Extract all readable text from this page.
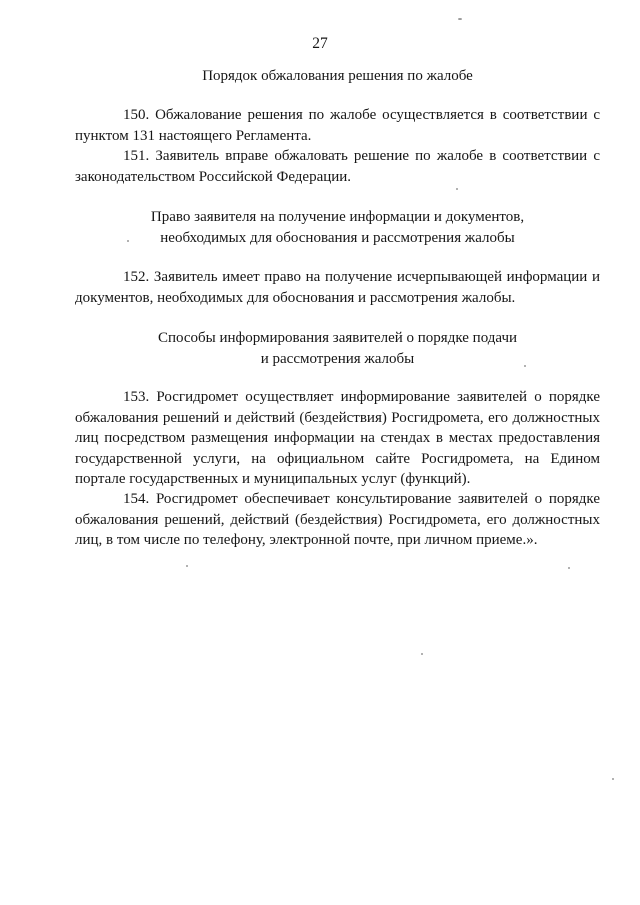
27
Порядок обжалования решения по жалобе
150. Обжалование решения по жалобе осуществляется в соответствии с пунктом 131 настоящего Регламента.
151. Заявитель вправе обжаловать решение по жалобе в соответствии с законодательством Российской Федерации.
Право заявителя на получение информации и документов,
необходимых для обоснования и рассмотрения жалобы
152. Заявитель имеет право на получение исчерпывающей информации и документов, необходимых для обоснования и рассмотрения жалобы.
Способы информирования заявителей о порядке подачи
и рассмотрения жалобы
153. Росгидромет осуществляет информирование заявителей о порядке обжалования решений и действий (бездействия) Росгидромета, его должностных лиц посредством размещения информации на стендах в местах предоставления государственной услуги, на официальном сайте Росгидромета, на Едином портале государственных и муниципальных услуг (функций).
154. Росгидромет обеспечивает консультирование заявителей о порядке обжалования решений, действий (бездействия) Росгидромета, его должностных лиц, в том числе по телефону, электронной почте, при личном приеме.».
